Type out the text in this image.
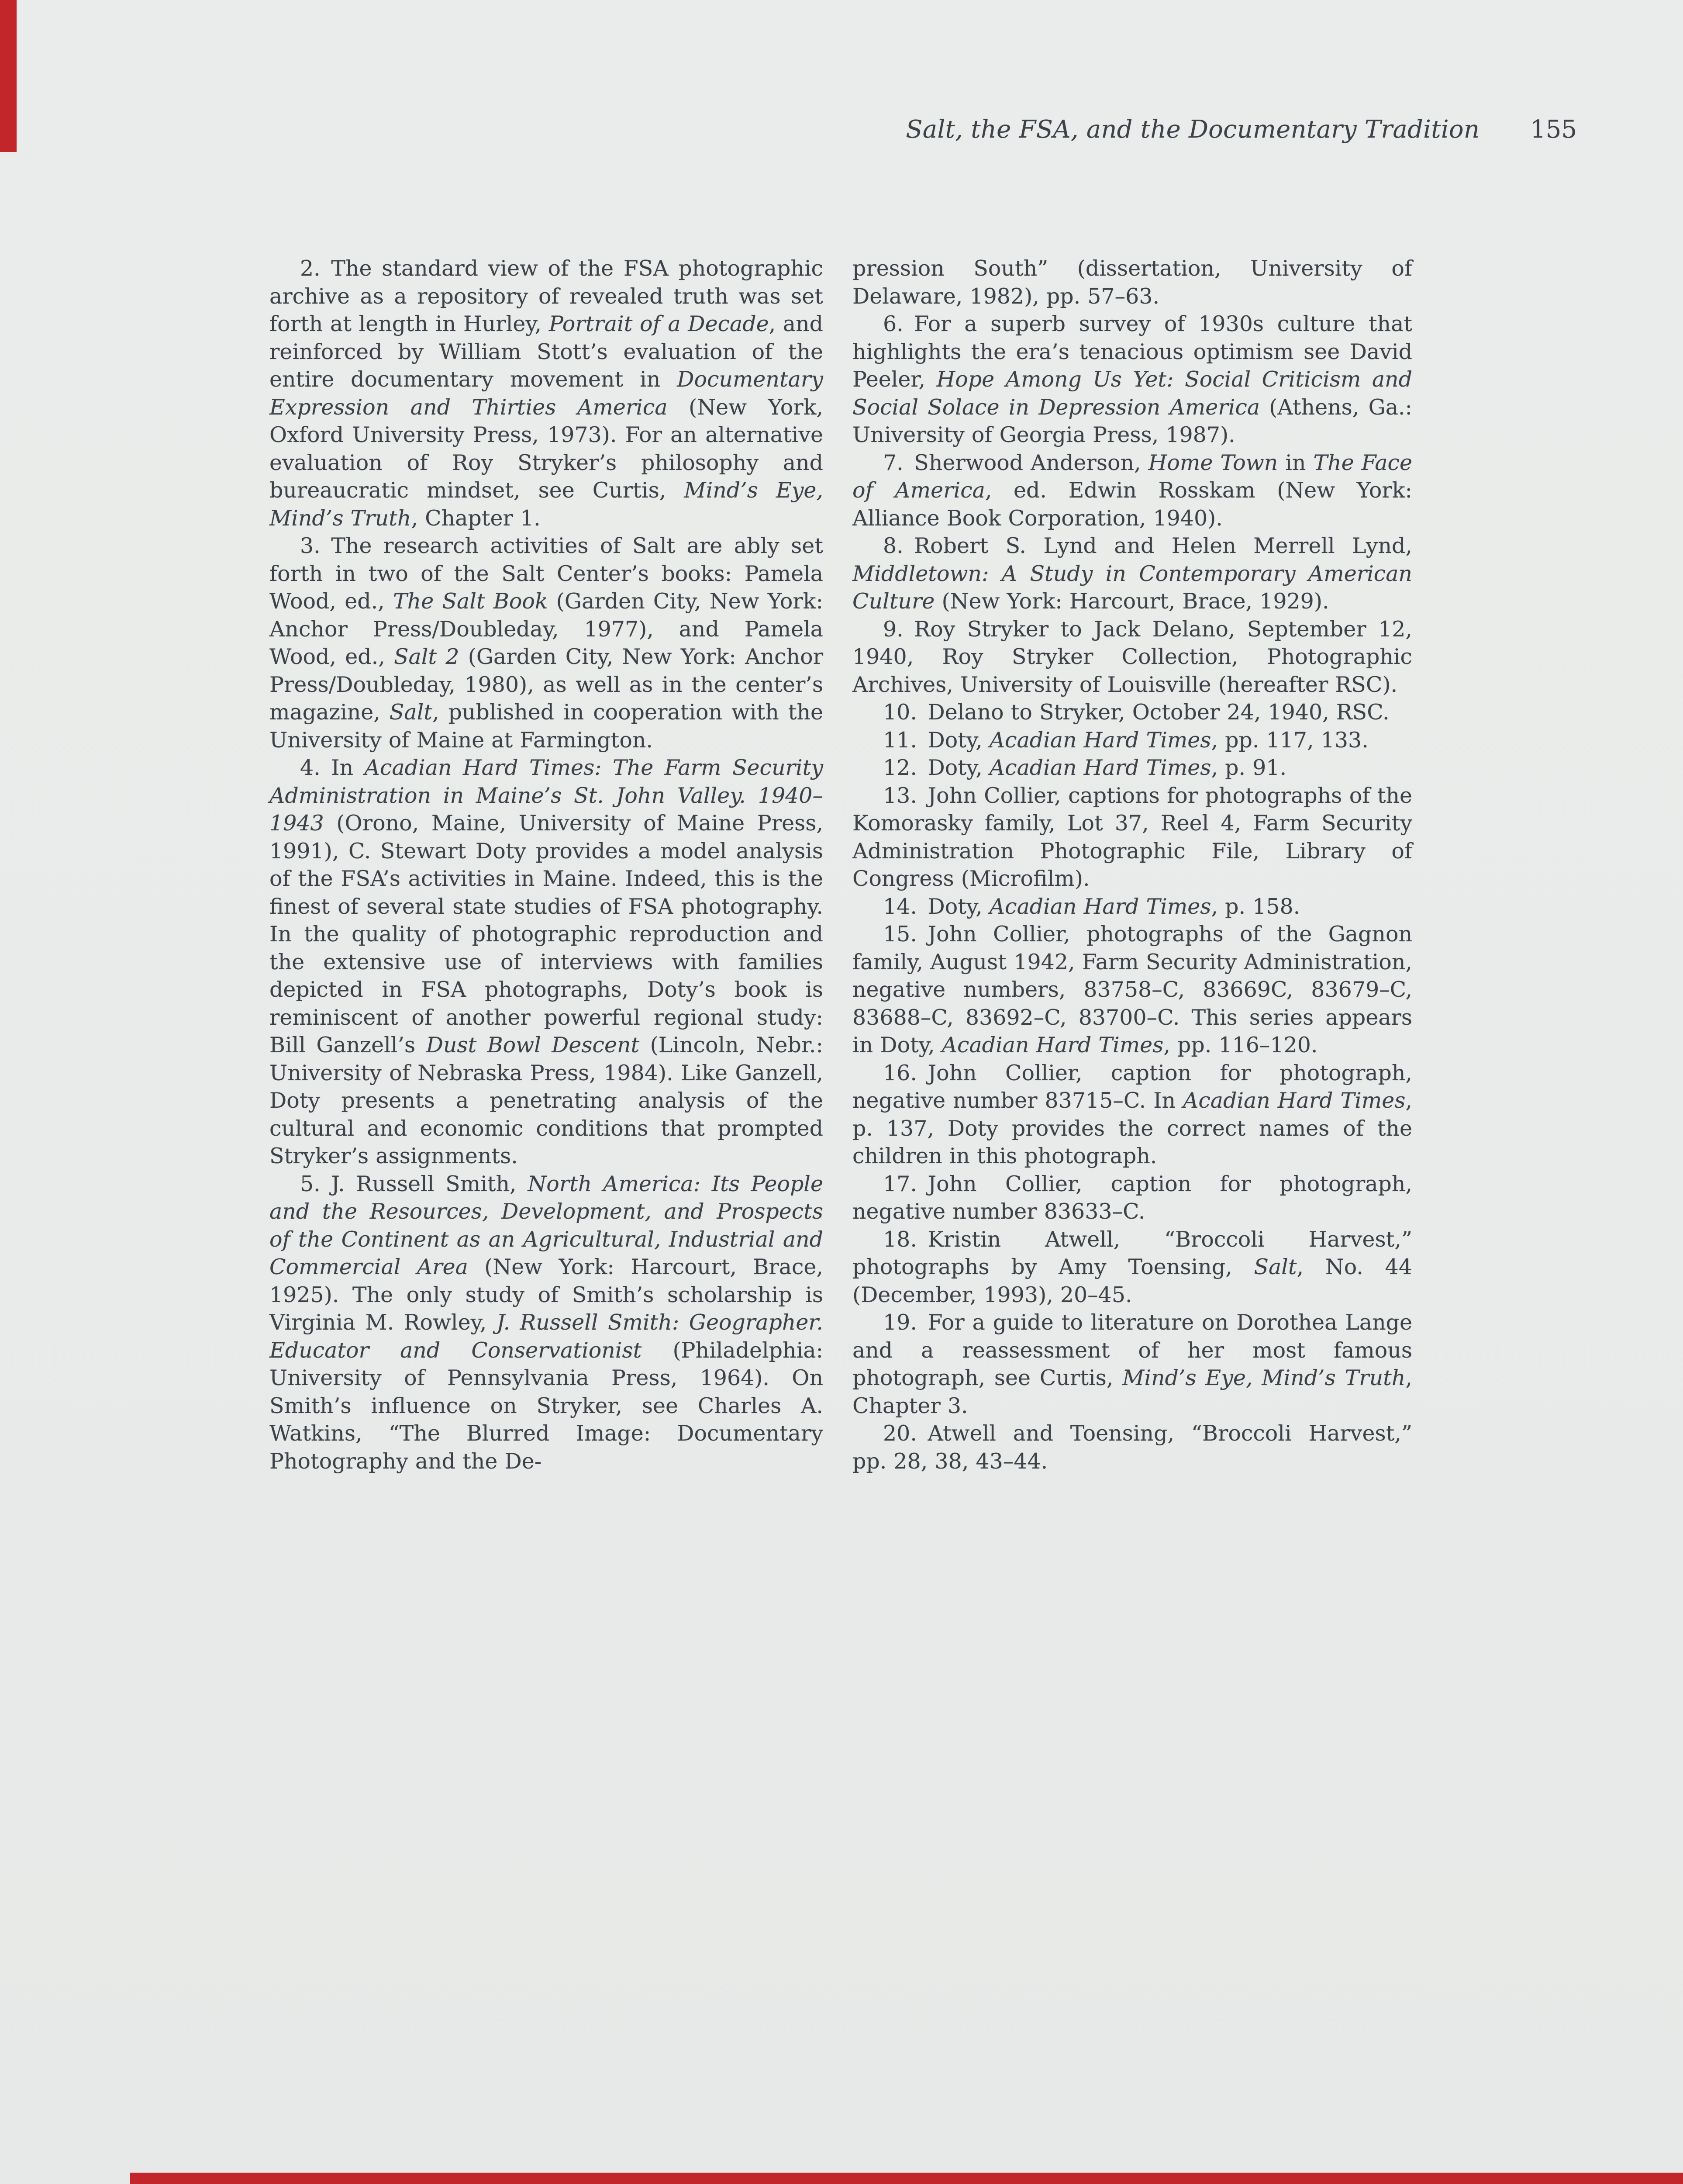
Salt, the FSA, and the Documentary Tradition 155

2. The standard view of the FSA photographic archive as a repository of revealed truth was set forth at length in Hurley, Portrait of a Decade, and reinforced by William Stott’s evaluation of the entire documentary movement in Documentary Expression and Thirties America (New York, Oxford University Press, 1973). For an alternative evaluation of Roy Stryker’s philosophy and bureaucratic mindset, see Curtis, Mind’s Eye, Mind’s Truth, Chapter 1.

3. The research activities of Salt are ably set forth in two of the Salt Center’s books: Pamela Wood, ed., The Salt Book (Garden City, New York: Anchor Press/Doubleday, 1977), and Pamela Wood, ed., Salt 2 (Garden City, New York: Anchor Press/Doubleday, 1980), as well as in the center’s magazine, Salt, published in cooperation with the University of Maine at Farmington.

4. In Acadian Hard Times: The Farm Security Administration in Maine’s St. John Valley. 1940–1943 (Orono, Maine, University of Maine Press, 1991), C. Stewart Doty provides a model analysis of the FSA’s activities in Maine. Indeed, this is the finest of several state studies of FSA photography. In the quality of photographic reproduction and the extensive use of interviews with families depicted in FSA photographs, Doty’s book is reminiscent of another powerful regional study: Bill Ganzell’s Dust Bowl Descent (Lincoln, Nebr.: University of Nebraska Press, 1984). Like Ganzell, Doty presents a penetrating analysis of the cultural and economic conditions that prompted Stryker’s assignments.

5. J. Russell Smith, North America: Its People and the Resources, Development, and Prospects of the Continent as an Agricultural, Industrial and Commercial Area (New York: Harcourt, Brace, 1925). The only study of Smith’s scholarship is Virginia M. Rowley, J. Russell Smith: Geographer. Educator and Conservationist (Philadelphia: University of Pennsylvania Press, 1964). On Smith’s influence on Stryker, see Charles A. Watkins, “The Blurred Image: Documentary Photography and the De-

pression South” (dissertation, University of Delaware, 1982), pp. 57–63.

6. For a superb survey of 1930s culture that highlights the era’s tenacious optimism see David Peeler, Hope Among Us Yet: Social Criticism and Social Solace in Depression America (Athens, Ga.: University of Georgia Press, 1987).

7. Sherwood Anderson, Home Town in The Face of America, ed. Edwin Rosskam (New York: Alliance Book Corporation, 1940).

8. Robert S. Lynd and Helen Merrell Lynd, Middletown: A Study in Contemporary American Culture (New York: Harcourt, Brace, 1929).

9. Roy Stryker to Jack Delano, September 12, 1940, Roy Stryker Collection, Photographic Archives, University of Louisville (hereafter RSC).

10. Delano to Stryker, October 24, 1940, RSC.

11. Doty, Acadian Hard Times, pp. 117, 133.

12. Doty, Acadian Hard Times, p. 91.

13. John Collier, captions for photographs of the Komorasky family, Lot 37, Reel 4, Farm Security Administration Photographic File, Library of Congress (Microfilm).

14. Doty, Acadian Hard Times, p. 158.

15. John Collier, photographs of the Gagnon family, August 1942, Farm Security Administration, negative numbers, 83758–C, 83669C, 83679–C, 83688–C, 83692–C, 83700–C. This series appears in Doty, Acadian Hard Times, pp. 116–120.

16. John Collier, caption for photograph, negative number 83715–C. In Acadian Hard Times, p. 137, Doty provides the correct names of the children in this photograph.

17. John Collier, caption for photograph, negative number 83633–C.

18. Kristin Atwell, “Broccoli Harvest,” photographs by Amy Toensing, Salt, No. 44 (December, 1993), 20–45.

19. For a guide to literature on Dorothea Lange and a reassessment of her most famous photograph, see Curtis, Mind’s Eye, Mind’s Truth, Chapter 3.

20. Atwell and Toensing, “Broccoli Harvest,” pp. 28, 38, 43–44.
